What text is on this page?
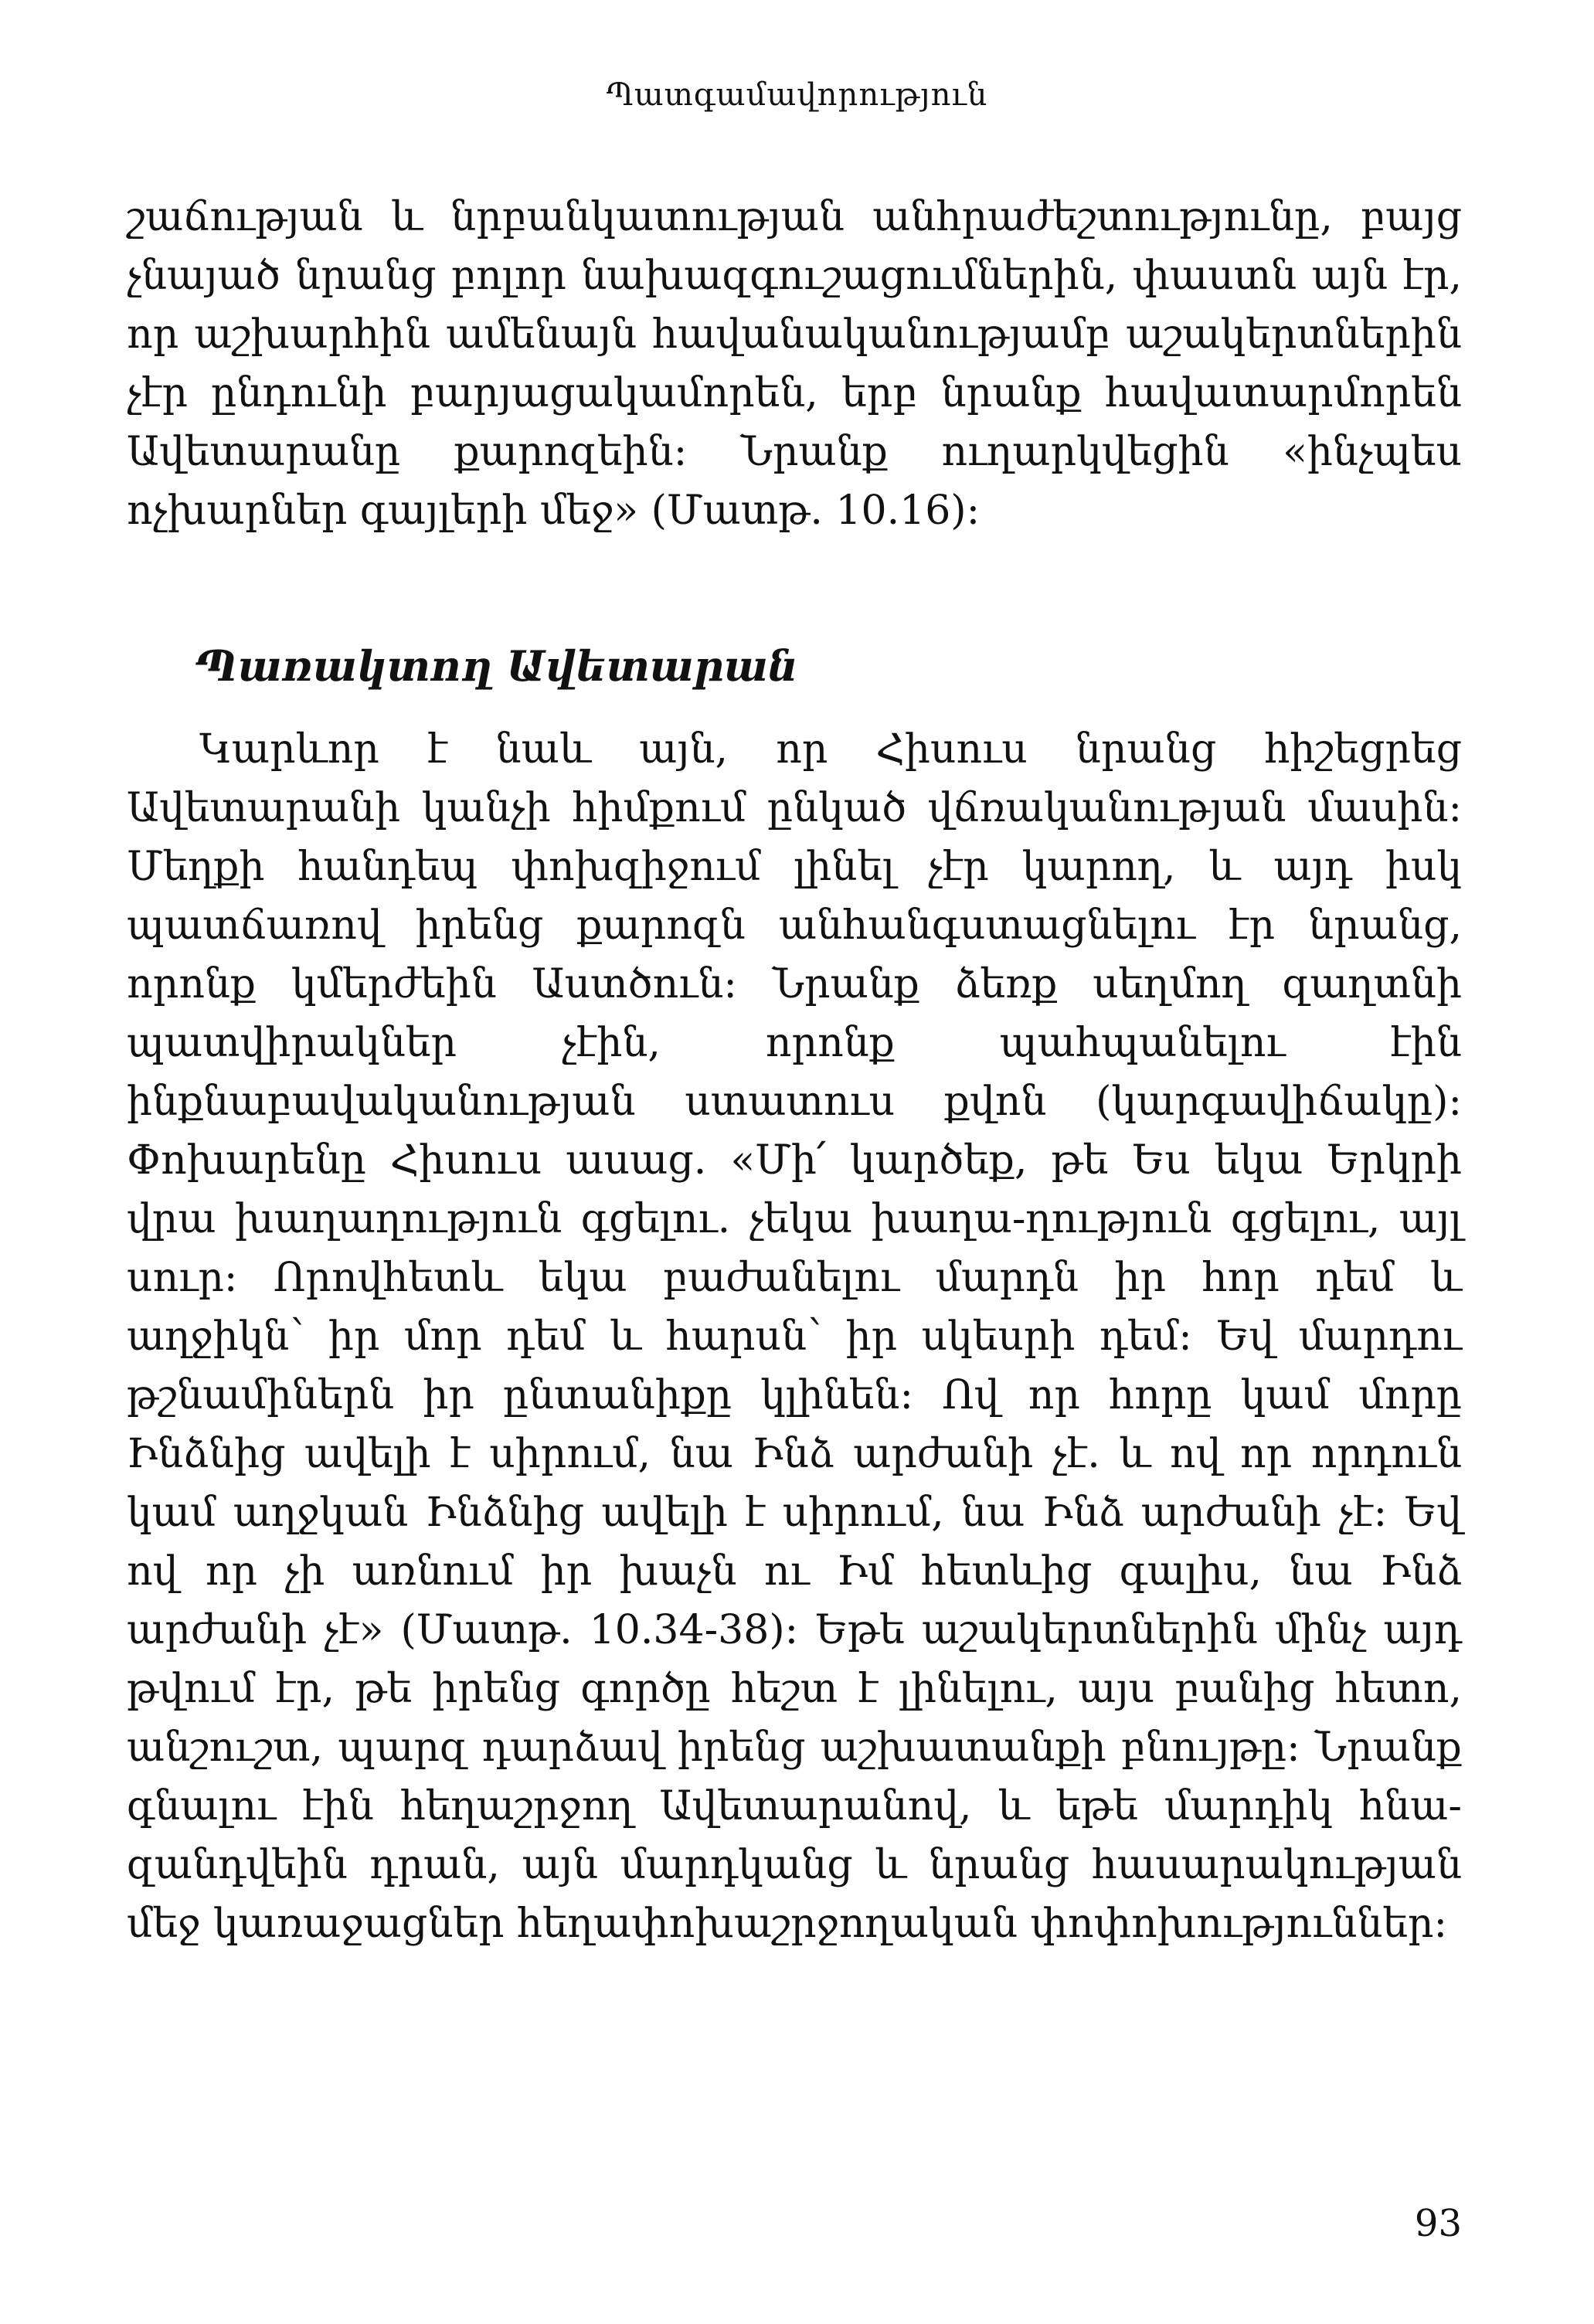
Պատգամավորություն

շաճության և նրբանկատության անհրաժեշտությունը, բայց չնայած նրանց բոլոր նախազգուշացումներին, փաստն այն էր, որ աշխարհին ամենայն հավանականությամբ աշակերտներին չէր ընդունի բարյացակամորեն, երբ նրանք հավատարմորեն Ավետարանը քարոզեին: Նրանք ուղարկվեցին «ինչպես ոչխարներ գայլերի մեջ» (Մատթ. 10.16):

Պառակտող Ավետարան

Կարևոր է նաև այն, որ Հիսուս նրանց հիշեցրեց Ավետարանի կանչի հիմքում ընկած վճռականության մասին: Մեղքի հանդեպ փոխզիջում լինել չէր կարող, և այդ իսկ պատճառով իրենց քարոզն անհանգստացնելու էր նրանց, որոնք կմերժեին Աստծուն: Նրանք ձեռք սեղմող զաղտնի պատվիրակներ չէին, որոնք պահպանելու էին ինքնաբավականության ստատուս քվոն (կարգավիճակը): Փոխարենը Հիսուս ասաց. «Մի՛ կարծեք, թե Ես եկա Երկրի վրա խաղաղություն գցելու. չեկա խաղա-ղություն գցելու, այլ սուր: Որովհետև եկա բաժանելու մարդն իր հոր դեմ և աղջիկն՝ իր մոր դեմ և հարսն՝ իր սկեսրի դեմ: Եվ մարդու թշնամիներն իր ընտանիքը կլինեն: Ով որ հորը կամ մորը Ինձնից ավելի է սիրում, նա Ինձ արժանի չէ. և ով որ որդուն կամ աղջկան Ինձնից ավելի է սիրում, նա Ինձ արժանի չէ: Եվ ով որ չի առնում իր խաչն ու Իմ հետևից գալիս, նա Ինձ արժանի չէ» (Մատթ. 10.34-38): Եթե աշակերտներին մինչ այդ թվում էր, թե իրենց գործը հեշտ է լինելու, այս բանից հետո, անշուշտ, պարզ դարձավ իրենց աշխատանքի բնույթը: Նրանք գնալու էին հեղաշրջող Ավետարանով, և եթե մարդիկ հնա-զանդվեին դրան, այն մարդկանց և նրանց հասարակության մեջ կառաջացներ հեղափոխաշրջողական փոփոխություններ:

93
